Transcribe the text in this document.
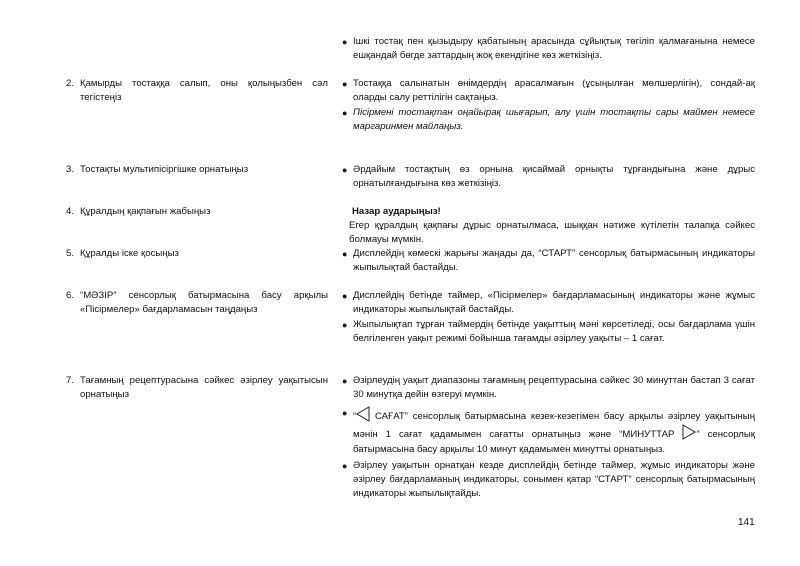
● Ішкі тостақ пен қызыдыру қабатының арасында сұйықтық төгіліп қалмағанына немесе ешқандай бөгде заттардың жоқ екендігіне көз жеткізіңіз.
2. Қамырды тостаққа салып, оны қолыңызбен сәл тегістеңіз
● Тостаққа салынатын өнімдердің арасалмағын (ұсыңылған мөлшерлігін), сондай-ақ оларды салу реттілігін сақтаңыз.
● Пісірмені тостақтан оңайырақ шығарып, алу үшін тостақты сары маймен немесе маргаринмен майлаңыз.
3. Тостақты мультипісіргішке орнатыңыз	● Әрдайым тостақтың өз орнына қисаймай орнықты тұрғандығына және дұрыс орнатылғандығына көз жеткізіңіз.
4. Құралдың қақпағын жабыңыз	Назар аударыңыз!
Егер құралдың қақпағы дұрыс орнатылмаса, шыққан нәтиже күтілетін талапқа сәйкес болмауы мүмкін.
5. Құралды іске қосыңыз	● Дисплейдің көмескі жарығы жаңады да, “СТАРТ” сенсорлық батырмасының индикаторы жыпылықтай бастайды.
6. “МӘЗІР” сенсорлық батырмасына басу арқылы «Пісірмелер» бағдарламасын таңдаңыз
● Дисплейдің бетінде таймер, «Пісірмелер» бағдарламасының индикаторы және жұмыс индикаторы жыпылықтай бастайды.
● Жыпылықтап тұрған таймердің бетінде уақыттың мәні көрсетіледі, осы бағдарлама үшін белгіленген уақыт режимі бойынша тағамды әзірлеу уақыты – 1 сағат.
7. Тағамның рецептурасына сәйкес әзірлеу уақытысын орнатыңыз
● Әзірлеудің уақыт диапазоны тағамның рецептурасына сәйкес 30 минуттан бастап 3 сағат 30 минутқа дейін өзгеруі мүмкін.
● “ САҒАТ” сенсорлық батырмасына кезек-кезегімен басу арқылы әзірлеу уақытының мәнін 1 сағат қадамымен сағатты орнатыңыз және “МИНУТТАР ” сенсорлық батырмасына басу арқылы 10 минут қадамымен минутты орнатыңыз.
● Әзірлеу уақытын орнатқан кезде дисплейдің бетінде таймер, жұмыс индикаторы және әзірлеу бағдарламаның индикаторы, сонымен қатар “СТАРТ” сенсорлық батырмасының индикаторы жыпылықтайды.
141
